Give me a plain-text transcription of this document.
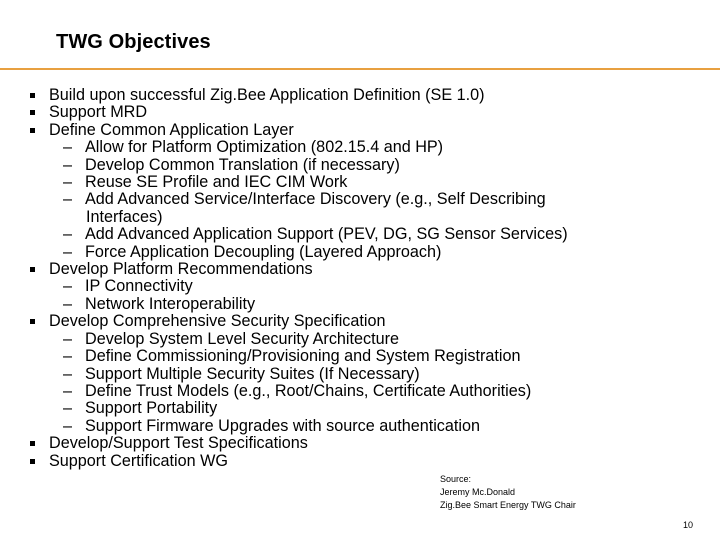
TWG Objectives
Build upon successful Zig.Bee Application Definition (SE 1.0)
Support MRD
Define Common Application Layer
– Allow for Platform Optimization (802.15.4 and HP)
– Develop Common Translation (if necessary)
– Reuse SE Profile and IEC CIM Work
– Add Advanced Service/Interface Discovery (e.g., Self Describing
Interfaces)
– Add Advanced Application Support (PEV, DG, SG Sensor Services)
– Force Application Decoupling (Layered Approach)
Develop Platform Recommendations
– IP Connectivity
– Network Interoperability
Develop Comprehensive Security Specification
– Develop System Level Security Architecture
– Define Commissioning/Provisioning and System Registration
– Support Multiple Security Suites (If Necessary)
– Define Trust Models (e.g., Root/Chains, Certificate Authorities)
– Support Portability
– Support Firmware Upgrades with source authentication
Develop/Support Test Specifications
Support Certification WG
Source:
Jeremy Mc.Donald
Zig.Bee Smart Energy TWG Chair
10
